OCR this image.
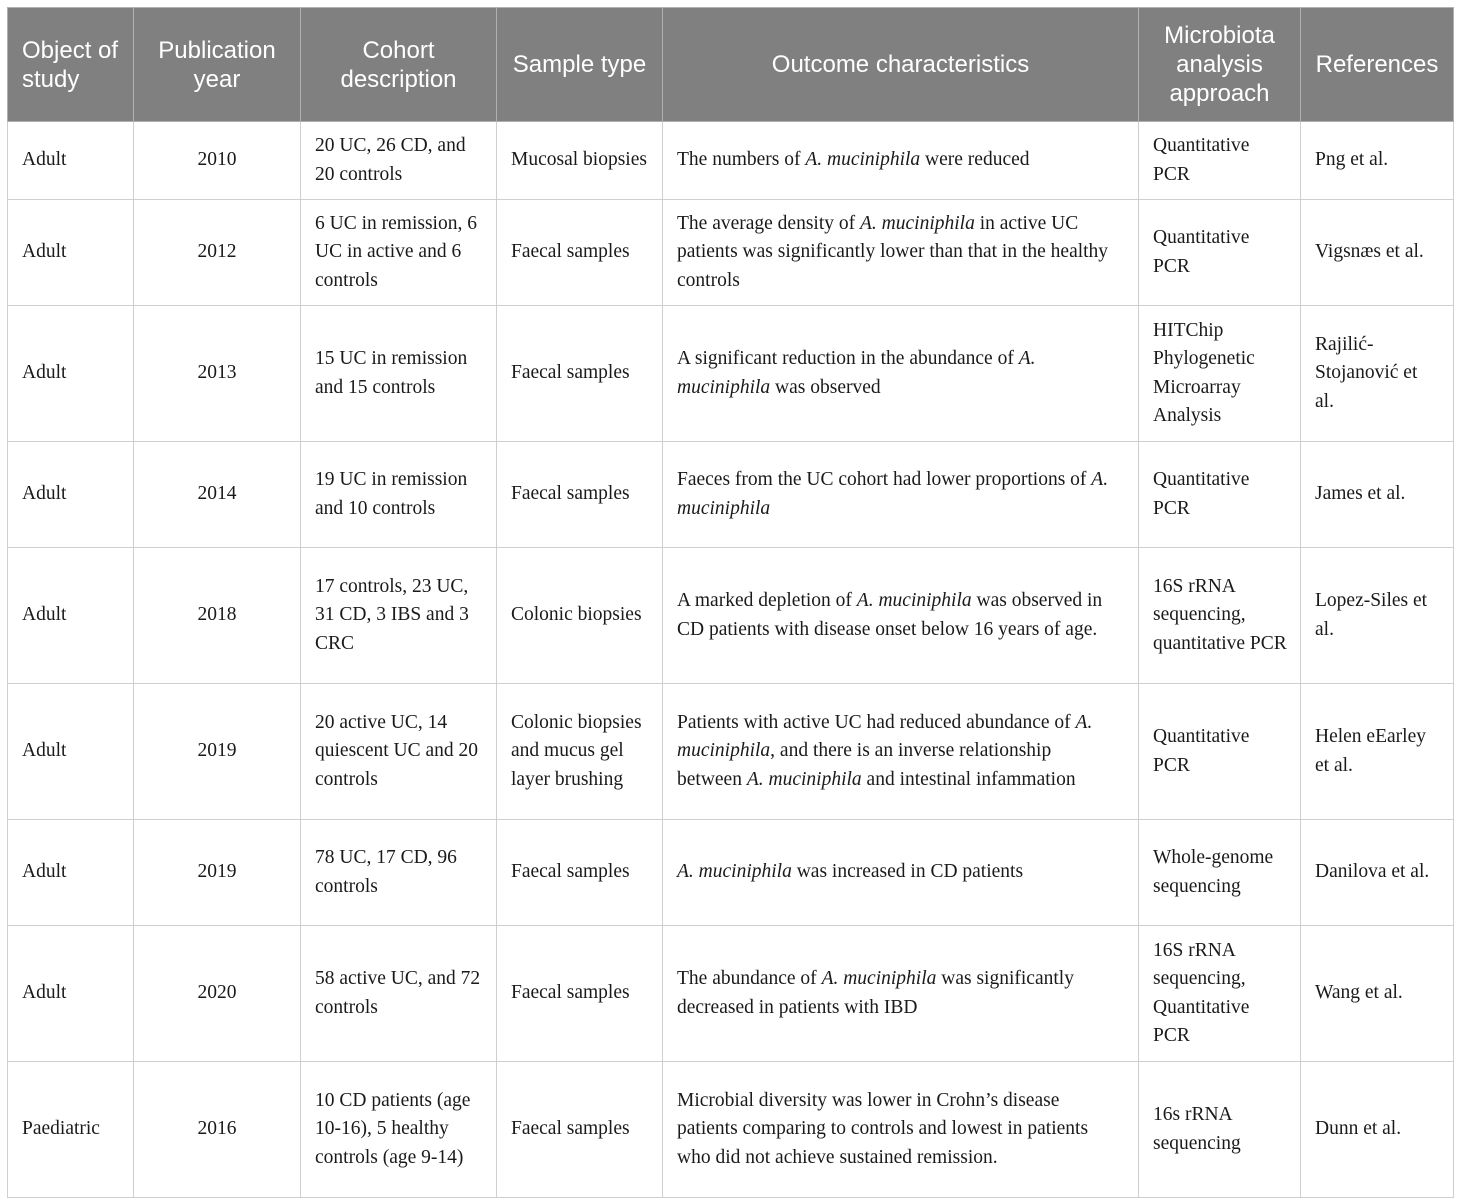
Object of study	Publication year	Cohort description	Sample type	Outcome characteristics	Microbiota analysis approach	References
Adult	2010	20 UC, 26 CD, and 20 controls	Mucosal biopsies	The numbers of A. muciniphila were reduced	Quantitative PCR	Png et al.
Adult	2012	6 UC in remission, 6 UC in active and 6 controls	Faecal samples	The average density of A. muciniphila in active UC patients was significantly lower than that in the healthy controls	Quantitative PCR	Vigsnæs et al.
Adult	2013	15 UC in remission and 15 controls	Faecal samples	A significant reduction in the abundance of A. muciniphila was observed	HITChip Phylogenetic Microarray Analysis	Rajilić-Stojanović et al.
Adult	2014	19 UC in remission and 10 controls	Faecal samples	Faeces from the UC cohort had lower proportions of A. muciniphila	Quantitative PCR	James et al.
Adult	2018	17 controls, 23 UC, 31 CD, 3 IBS and 3 CRC	Colonic biopsies	A marked depletion of A. muciniphila was observed in CD patients with disease onset below 16 years of age.	16S rRNA sequencing, quantitative PCR	Lopez-Siles et al.
Adult	2019	20 active UC, 14 quiescent UC and 20 controls	Colonic biopsies and mucus gel layer brushing	Patients with active UC had reduced abundance of A. muciniphila, and there is an inverse relationship between A. muciniphila and intestinal infammation	Quantitative PCR	Helen eEarley et al.
Adult	2019	78 UC, 17 CD, 96 controls	Faecal samples	A. muciniphila was increased in CD patients	Whole-genome sequencing	Danilova et al.
Adult	2020	58 active UC, and 72 controls	Faecal samples	The abundance of A. muciniphila was significantly decreased in patients with IBD	16S rRNA sequencing, Quantitative PCR	Wang et al.
Paediatric	2016	10 CD patients (age 10-16), 5 healthy controls (age 9-14)	Faecal samples	Microbial diversity was lower in Crohn’s disease patients comparing to controls and lowest in patients who did not achieve sustained remission.	16s rRNA sequencing	Dunn et al.
